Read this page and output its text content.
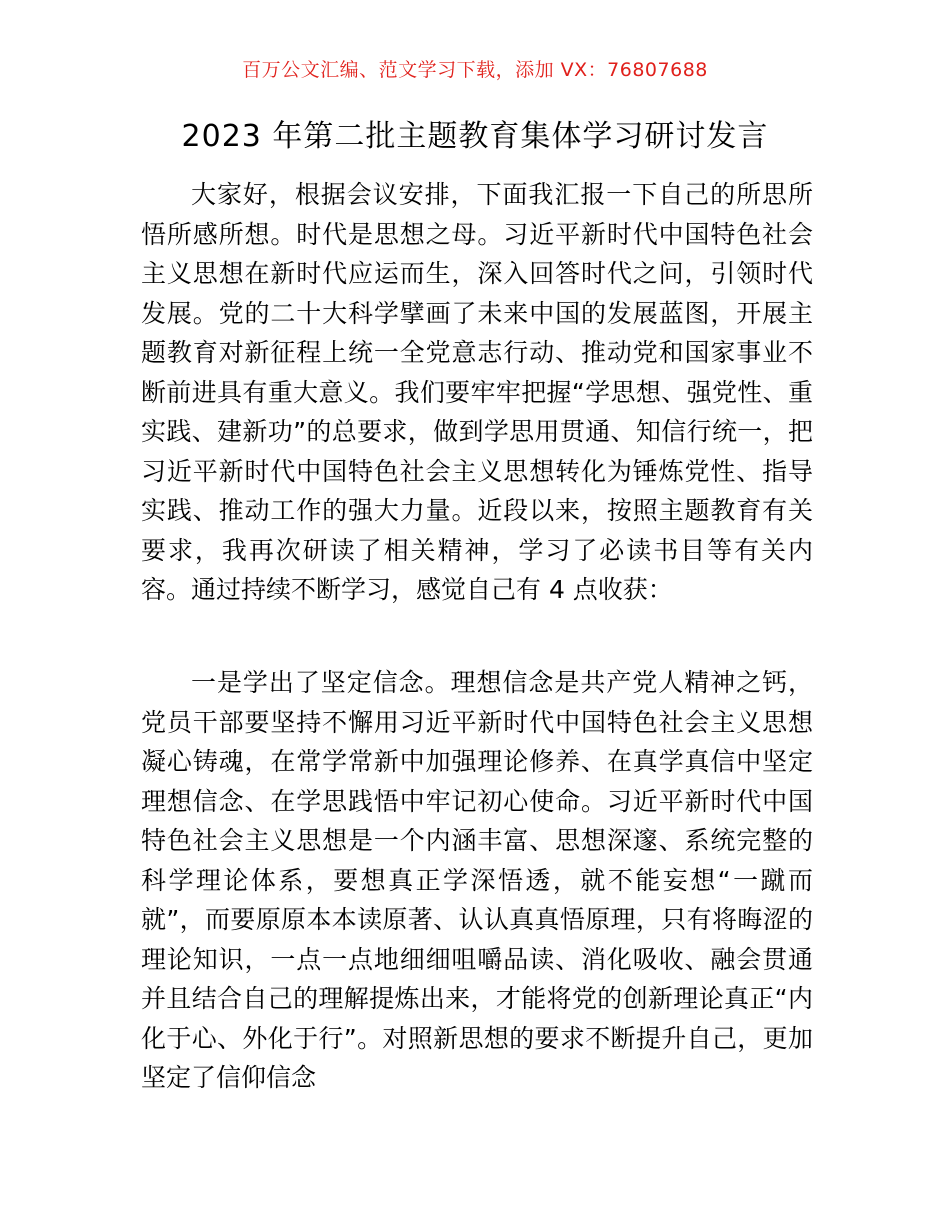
百万公文汇编、范文学习下载，添加 VX：76807688
2023 年第二批主题教育集体学习研讨发言

大家好，根据会议安排，下面我汇报一下自己的所思所悟所感所想。时代是思想之母。习近平新时代中国特色社会主义思想在新时代应运而生，深入回答时代之问，引领时代发展。党的二十大科学擘画了未来中国的发展蓝图，开展主题教育对新征程上统一全党意志行动、推动党和国家事业不断前进具有重大意义。我们要牢牢把握“学思想、强党性、重实践、建新功”的总要求，做到学思用贯通、知信行统一，把习近平新时代中国特色社会主义思想转化为锤炼党性、指导实践、推动工作的强大力量。近段以来，按照主题教育有关要求，我再次研读了相关精神，学习了必读书目等有关内容。通过持续不断学习，感觉自己有 4 点收获：

一是学出了坚定信念。理想信念是共产党人精神之钙，党员干部要坚持不懈用习近平新时代中国特色社会主义思想凝心铸魂，在常学常新中加强理论修养、在真学真信中坚定理想信念、在学思践悟中牢记初心使命。习近平新时代中国特色社会主义思想是一个内涵丰富、思想深邃、系统完整的科学理论体系，要想真正学深悟透，就不能妄想“一蹴而就”，而要原原本本读原著、认认真真悟原理，只有将晦涩的理论知识，一点一点地细细咀嚼品读、消化吸收、融会贯通并且结合自己的理解提炼出来，才能将党的创新理论真正“内化于心、外化于行”。对照新思想的要求不断提升自己，更加坚定了信仰信念
